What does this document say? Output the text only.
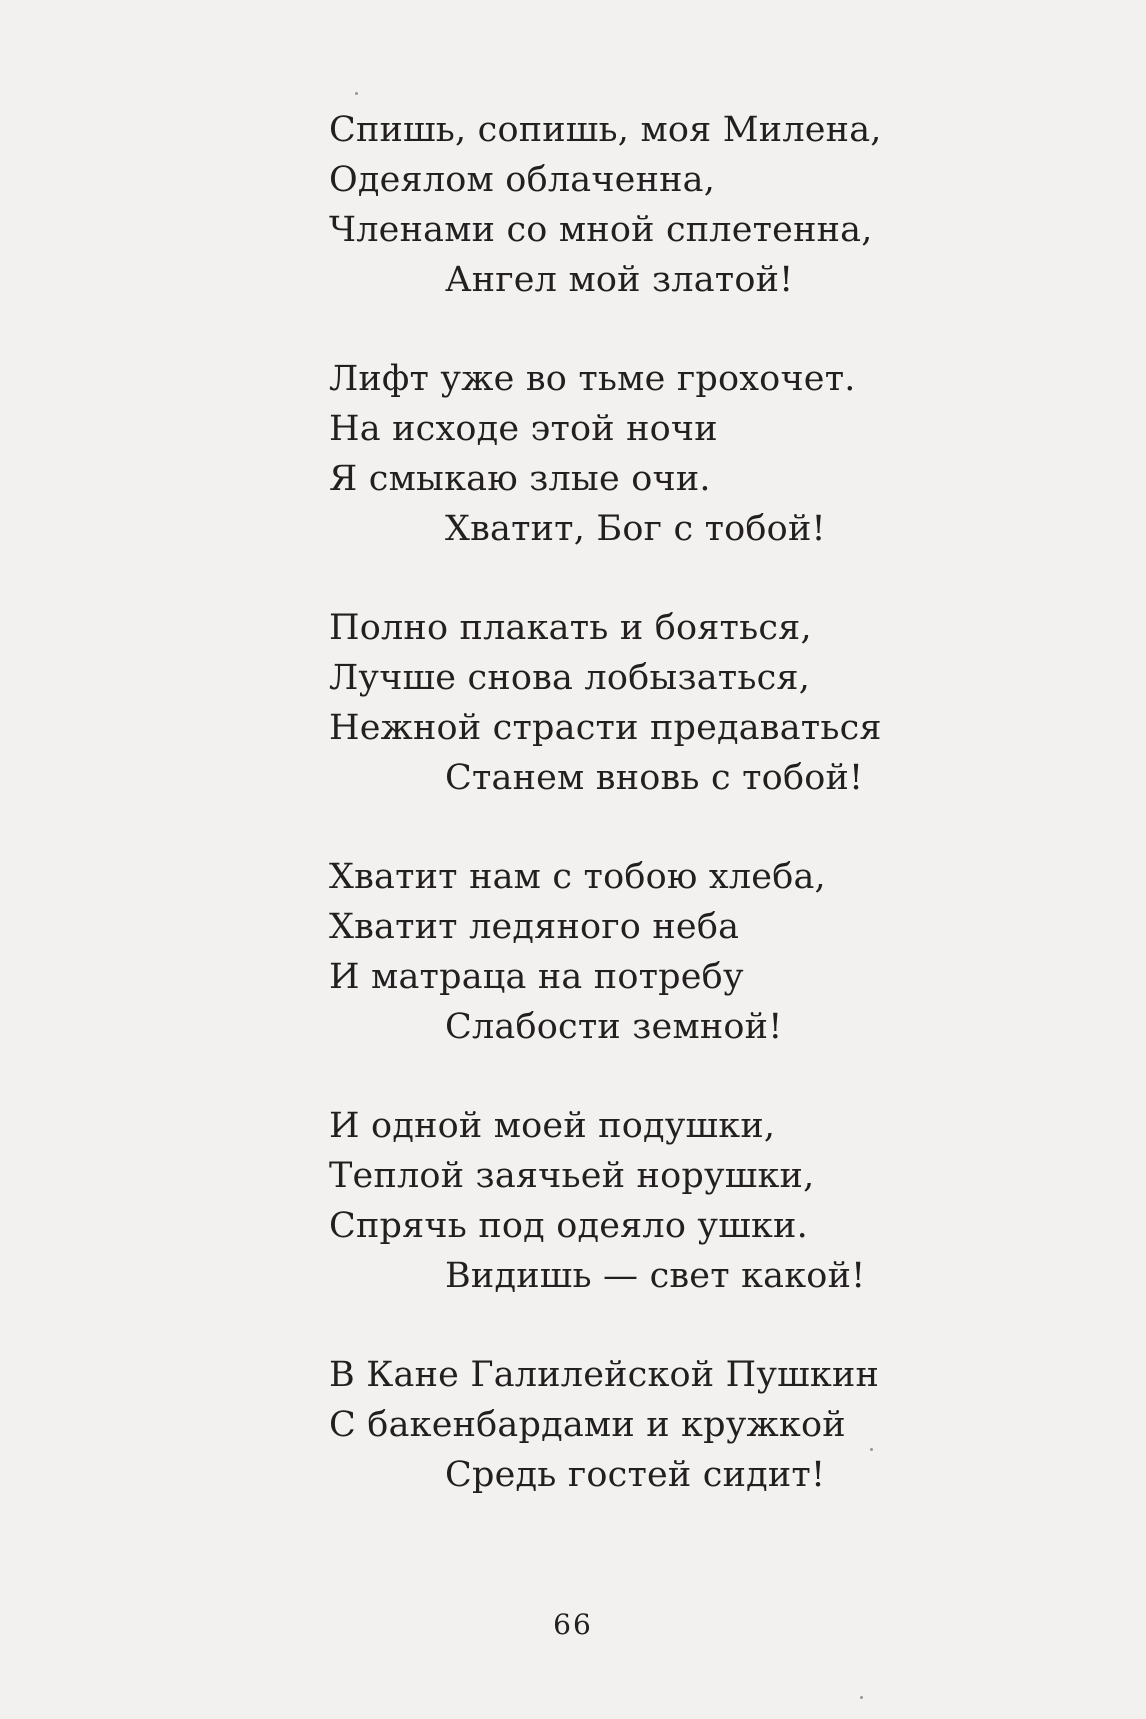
Спишь, сопишь, моя Милена,
Одеялом облаченна,
Членами со мной сплетенна,
Ангел мой златой!
Лифт уже во тьме грохочет.
На исходе этой ночи
Я смыкаю злые очи.
Хватит, Бог с тобой!
Полно плакать и бояться,
Лучше снова лобызаться,
Нежной страсти предаваться
Станем вновь с тобой!
Хватит нам с тобою хлеба,
Хватит ледяного неба
И матраца на потребу
Слабости земной!
И одной моей подушки,
Теплой заячьей норушки,
Спрячь под одеяло ушки.
Видишь — свет какой!
В Кане Галилейской Пушкин
С бакенбардами и кружкой
Средь гостей сидит!
66
